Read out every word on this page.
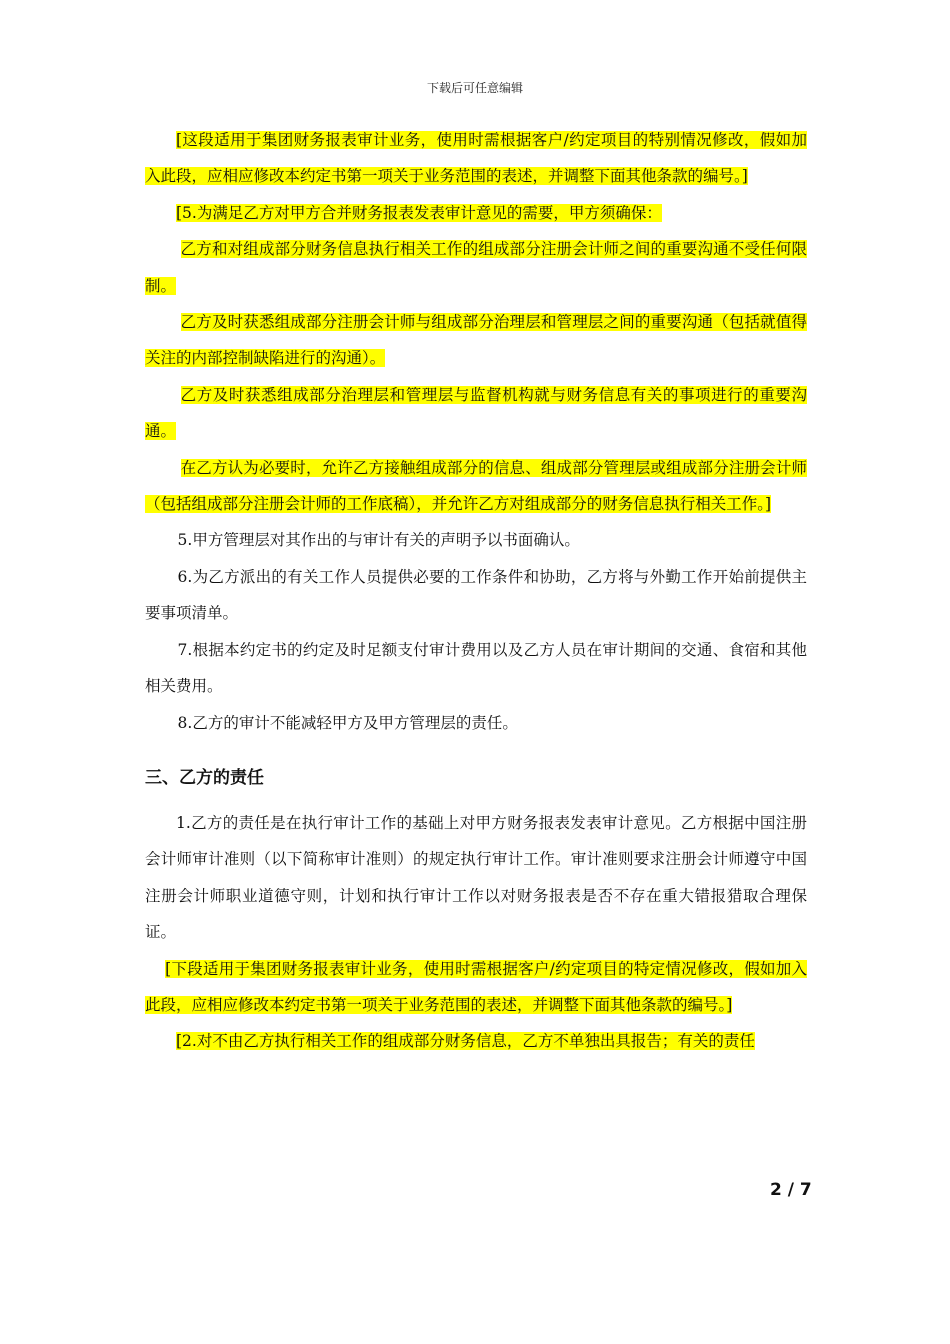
下载后可任意编辑

[这段适用于集团财务报表审计业务，使用时需根据客户/约定项目的特别情况修改，假如加入此段，应相应修改本约定书第一项关于业务范围的表述，并调整下面其他条款的编号。]

[5.为满足乙方对甲方合并财务报表发表审计意见的需要，甲方须确保：

乙方和对组成部分财务信息执行相关工作的组成部分注册会计师之间的重要沟通不受任何限制。

乙方及时获悉组成部分注册会计师与组成部分治理层和管理层之间的重要沟通（包括就值得关注的内部控制缺陷进行的沟通）。

乙方及时获悉组成部分治理层和管理层与监督机构就与财务信息有关的事项进行的重要沟通。

在乙方认为必要时，允许乙方接触组成部分的信息、组成部分管理层或组成部分注册会计师（包括组成部分注册会计师的工作底稿），并允许乙方对组成部分的财务信息执行相关工作。]

5.甲方管理层对其作出的与审计有关的声明予以书面确认。

6.为乙方派出的有关工作人员提供必要的工作条件和协助，乙方将与外勤工作开始前提供主要事项清单。

7.根据本约定书的约定及时足额支付审计费用以及乙方人员在审计期间的交通、食宿和其他相关费用。

8.乙方的审计不能减轻甲方及甲方管理层的责任。

三、乙方的责任

1.乙方的责任是在执行审计工作的基础上对甲方财务报表发表审计意见。乙方根据中国注册会计师审计准则（以下简称审计准则）的规定执行审计工作。审计准则要求注册会计师遵守中国注册会计师职业道德守则，计划和执行审计工作以对财务报表是否不存在重大错报猎取合理保证。

[下段适用于集团财务报表审计业务，使用时需根据客户/约定项目的特定情况修改，假如加入此段，应相应修改本约定书第一项关于业务范围的表述，并调整下面其他条款的编号。]

[2.对不由乙方执行相关工作的组成部分财务信息，乙方不单独出具报告；有关的责任

2 / 7
